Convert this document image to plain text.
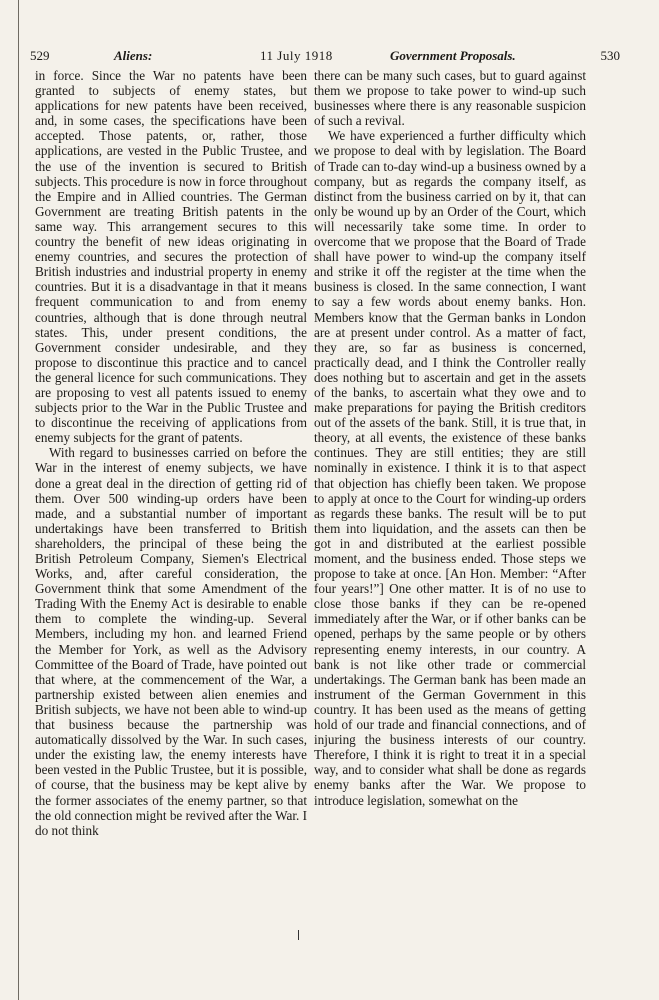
529	Aliens:	11 July 1918	Government Proposals.	530

in force. Since the War no patents have been granted to subjects of enemy states, but applications for new patents have been received, and, in some cases, the specifications have been accepted. Those patents, or, rather, those applications, are vested in the Public Trustee, and the use of the invention is secured to British subjects. This procedure is now in force throughout the Empire and in Allied countries. The German Government are treating British patents in the same way. This arrangement secures to this country the benefit of new ideas originating in enemy countries, and secures the protection of British industries and industrial property in enemy countries. But it is a disadvantage in that it means frequent communication to and from enemy countries, although that is done through neutral states. This, under present conditions, the Government consider undesirable, and they propose to discontinue this practice and to cancel the general licence for such communications. They are proposing to vest all patents issued to enemy subjects prior to the War in the Public Trustee and to discontinue the receiving of applications from enemy subjects for the grant of patents.

With regard to businesses carried on before the War in the interest of enemy subjects, we have done a great deal in the direction of getting rid of them. Over 500 winding-up orders have been made, and a substantial number of important undertakings have been transferred to British shareholders, the principal of these being the British Petroleum Company, Siemen's Electrical Works, and, after careful consideration, the Government think that some Amendment of the Trading With the Enemy Act is desirable to enable them to complete the winding-up. Several Members, including my hon. and learned Friend the Member for York, as well as the Advisory Committee of the Board of Trade, have pointed out that where, at the commencement of the War, a partnership existed between alien enemies and British subjects, we have not been able to wind-up that business because the partnership was automatically dissolved by the War. In such cases, under the existing law, the enemy interests have been vested in the Public Trustee, but it is possible, of course, that the business may be kept alive by the former associates of the enemy partner, so that the old connection might be revived after the War. I do not think

there can be many such cases, but to guard against them we propose to take power to wind-up such businesses where there is any reasonable suspicion of such a revival.

We have experienced a further difficulty which we propose to deal with by legislation. The Board of Trade can to-day wind-up a business owned by a company, but as regards the company itself, as distinct from the business carried on by it, that can only be wound up by an Order of the Court, which will necessarily take some time. In order to overcome that we propose that the Board of Trade shall have power to wind-up the company itself and strike it off the register at the time when the business is closed. In the same connection, I want to say a few words about enemy banks. Hon. Members know that the German banks in London are at present under control. As a matter of fact, they are, so far as business is concerned, practically dead, and I think the Controller really does nothing but to ascertain and get in the assets of the banks, to ascertain what they owe and to make preparations for paying the British creditors out of the assets of the bank. Still, it is true that, in theory, at all events, the existence of these banks continues. They are still entities; they are still nominally in existence. I think it is to that aspect that objection has chiefly been taken. We propose to apply at once to the Court for winding-up orders as regards these banks. The result will be to put them into liquidation, and the assets can then be got in and distributed at the earliest possible moment, and the business ended. Those steps we propose to take at once. [An Hon. Member: “After four years!”] One other matter. It is of no use to close those banks if they can be re-opened immediately after the War, or if other banks can be opened, perhaps by the same people or by others representing enemy interests, in our country. A bank is not like other trade or commercial undertakings. The German bank has been made an instrument of the German Government in this country. It has been used as the means of getting hold of our trade and financial connections, and of injuring the business interests of our country. Therefore, I think it is right to treat it in a special way, and to consider what shall be done as regards enemy banks after the War. We propose to introduce legislation, somewhat on the
